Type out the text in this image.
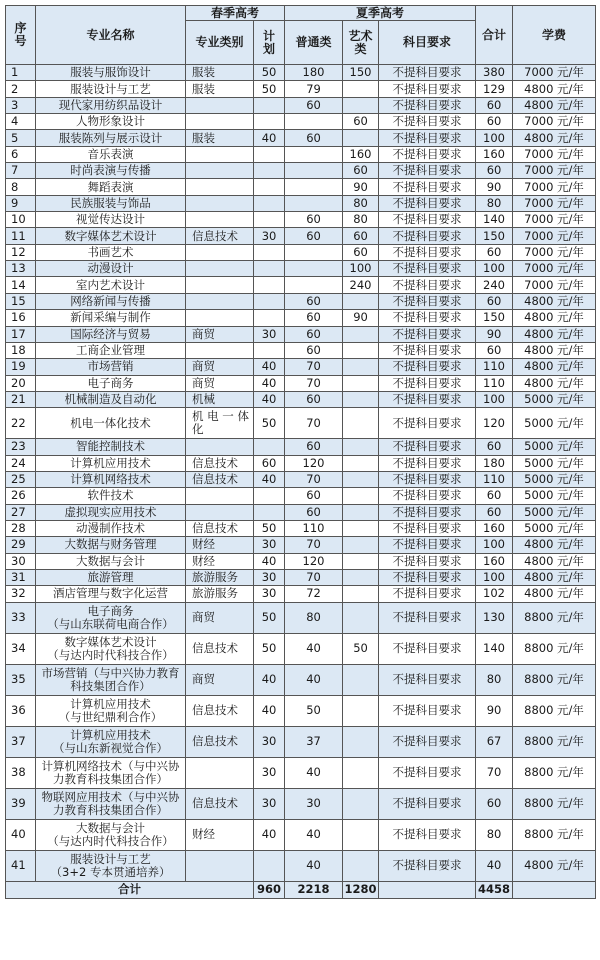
序
号	专业名称	春季高考		夏季高考			合计	学费
		专业类别	计
划	普通类	艺术
类	科目要求		
1	服装与服饰设计	服装	50	180	150	不提科目要求	380	7000 元/年
2	服装设计与工艺	服装	50	79		不提科目要求	129	4800 元/年
3	现代家用纺织品设计			60		不提科目要求	60	4800 元/年
4	人物形象设计				60	不提科目要求	60	7000 元/年
5	服装陈列与展示设计	服装	40	60		不提科目要求	100	4800 元/年
6	音乐表演				160	不提科目要求	160	7000 元/年
7	时尚表演与传播				60	不提科目要求	60	7000 元/年
8	舞蹈表演				90	不提科目要求	90	7000 元/年
9	民族服装与饰品				80	不提科目要求	80	7000 元/年
10	视觉传达设计			60	80	不提科目要求	140	7000 元/年
11	数字媒体艺术设计	信息技术	30	60	60	不提科目要求	150	7000 元/年
12	书画艺术				60	不提科目要求	60	7000 元/年
13	动漫设计				100	不提科目要求	100	7000 元/年
14	室内艺术设计				240	不提科目要求	240	7000 元/年
15	网络新闻与传播			60		不提科目要求	60	4800 元/年
16	新闻采编与制作			60	90	不提科目要求	150	4800 元/年
17	国际经济与贸易	商贸	30	60		不提科目要求	90	4800 元/年
18	工商企业管理			60		不提科目要求	60	4800 元/年
19	市场营销	商贸	40	70		不提科目要求	110	4800 元/年
20	电子商务	商贸	40	70		不提科目要求	110	4800 元/年
21	机械制造及自动化	机械	40	60		不提科目要求	100	5000 元/年
22	机电一体化技术	机 电 一 体
化	50	70		不提科目要求	120	5000 元/年
23	智能控制技术			60		不提科目要求	60	5000 元/年
24	计算机应用技术	信息技术	60	120		不提科目要求	180	5000 元/年
25	计算机网络技术	信息技术	40	70		不提科目要求	110	5000 元/年
26	软件技术			60		不提科目要求	60	5000 元/年
27	虚拟现实应用技术			60		不提科目要求	60	5000 元/年
28	动漫制作技术	信息技术	50	110		不提科目要求	160	5000 元/年
29	大数据与财务管理	财经	30	70		不提科目要求	100	4800 元/年
30	大数据与会计	财经	40	120		不提科目要求	160	4800 元/年
31	旅游管理	旅游服务	30	70		不提科目要求	100	4800 元/年
32	酒店管理与数字化运营	旅游服务	30	72		不提科目要求	102	4800 元/年
33	电子商务
（与山东联荷电商合作）	商贸	50	80		不提科目要求	130	8800 元/年
34	数字媒体艺术设计
（与达内时代科技合作）	信息技术	50	40	50	不提科目要求	140	8800 元/年
35	市场营销（与中兴协力教育科技集团合作）	商贸	40	40		不提科目要求	80	8800 元/年
36	计算机应用技术
（与世纪鼎利合作）	信息技术	40	50		不提科目要求	90	8800 元/年
37	计算机应用技术
（与山东新视觉合作）	信息技术	30	37		不提科目要求	67	8800 元/年
38	计算机网络技术（与中兴协力教育科技集团合作）		30	40		不提科目要求	70	8800 元/年
39	物联网应用技术（与中兴协力教育科技集团合作）	信息技术	30	30		不提科目要求	60	8800 元/年
40	大数据与会计
（与达内时代科技合作）	财经	40	40		不提科目要求	80	8800 元/年
41	服装设计与工艺
（3+2 专本贯通培养）			40		不提科目要求	40	4800 元/年
合计			960	2218	1280		4458	
